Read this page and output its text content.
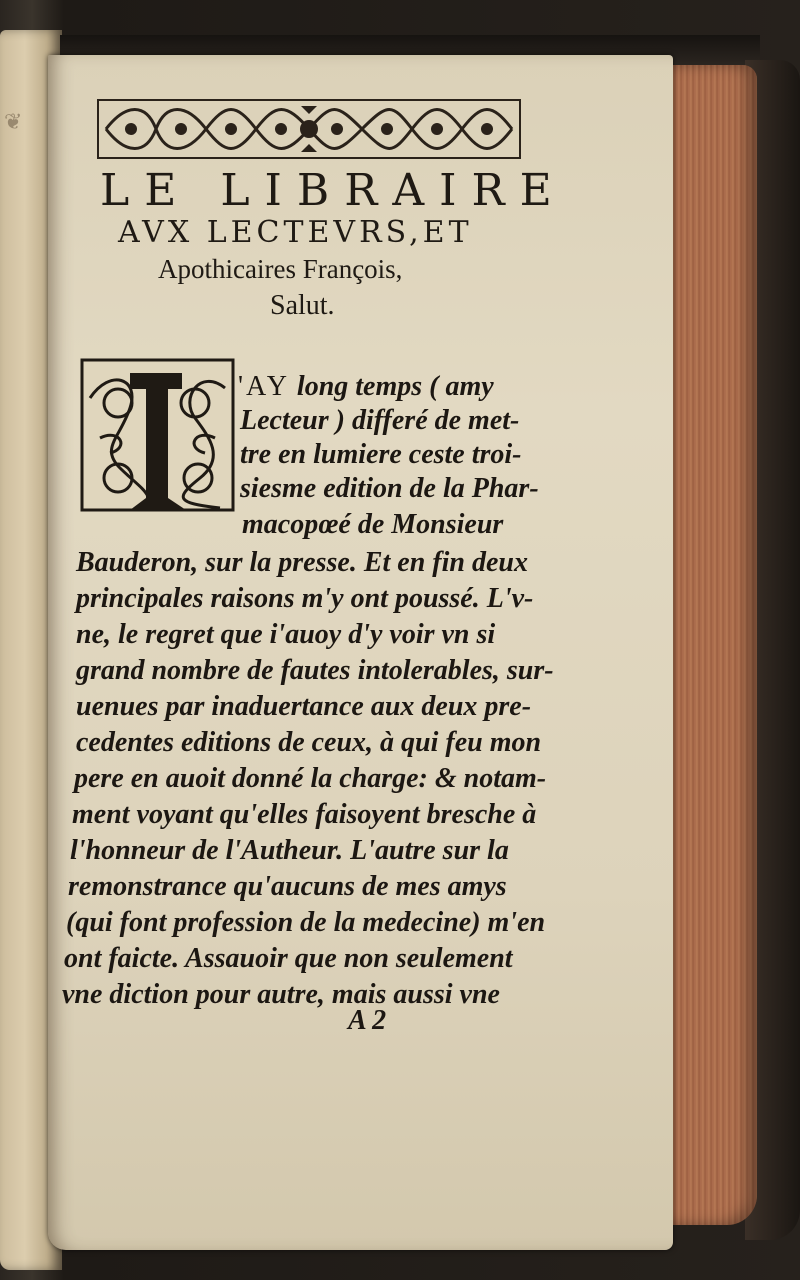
❦
LE LIBRAIRE

AVX LECTEVRS,ET

Apothicaires François,

Salut.

'AY long temps ( amy

Lecteur ) differé de met-

tre en lumiere ceste troi-

siesme edition de la Phar-

macopœé de Monsieur

Bauderon, sur la presse. Et en fin deux

principales raisons m'y ont poussé. L'v-

ne, le regret que i'auoy d'y voir vn si

grand nombre de fautes intolerables, sur-

uenues par inaduertance aux deux pre-

cedentes editions de ceux, à qui feu mon

pere en auoit donné la charge: & notam-

ment voyant qu'elles faisoyent bresche à

l'honneur de l'Autheur. L'autre sur la

remonstrance qu'aucuns de mes amys

(qui font profession de la medecine) m'en

ont faicte. Assauoir que non seulement

vne diction pour autre, mais aussi vne

A 2
